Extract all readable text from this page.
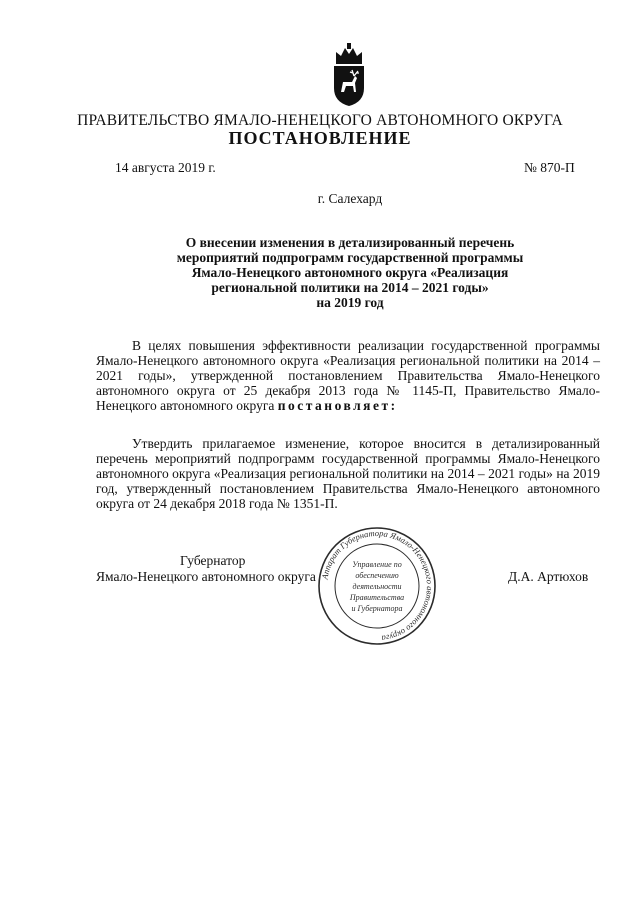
ПРАВИТЕЛЬСТВО ЯМАЛО-НЕНЕЦКОГО АВТОНОМНОГО ОКРУГА
ПОСТАНОВЛЕНИЕ
14 августа 2019 г.	№ 870-П
г. Салехард
О внесении изменения в детализированный перечень
мероприятий подпрограмм государственной программы
Ямало-Ненецкого автономного округа «Реализация
региональной политики на 2014 – 2021 годы»
на 2019 год
В целях повышения эффективности реализации государственной программы Ямало-Ненецкого автономного округа «Реализация региональной политики на 2014 – 2021 годы», утвержденной постановлением Правительства Ямало-Ненецкого автономного округа от 25 декабря 2013 года № 1145-П, Правительство Ямало-Ненецкого автономного округа постановляет:
Утвердить прилагаемое изменение, которое вносится в детализированный перечень мероприятий подпрограмм государственной программы Ямало-Ненецкого автономного округа «Реализация региональной политики на 2014 – 2021 годы» на 2019 год, утвержденный постановлением Правительства Ямало-Ненецкого автономного округа от 24 декабря 2018 года № 1351-П.
Губернатор
Ямало-Ненецкого автономного округа	Д.А. Артюхов
Аппарат Губернатора Ямало-Ненецкого автономного округа
Управление по
обеспечению
деятельности
Правительства
и Губернатора
